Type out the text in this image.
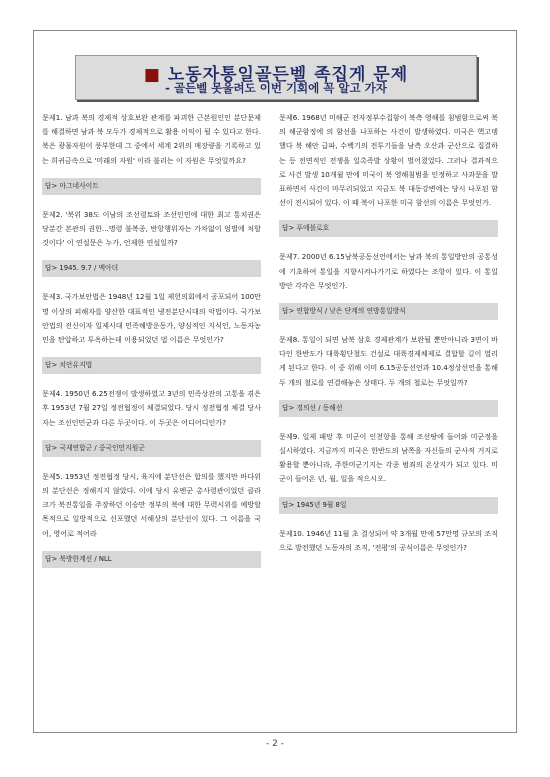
■ 노동자통일골든벨 족집게 문제
- 골든벨 못울려도 이번 기회에 꼭 알고 가자

문제1. 남과 북의 경제적 상호보완 관계를 파괴한 근본원인인 분단문제를 해결하면 남과 북 모두가 경제적으로 활용 이익이 될 수 있다고 한다. 북은 광물자원이 풍부한데 그 중에서 세계 2위의 매장량을 기록하고 있는 희귀금속으로 '미래의 자원' 이라 불리는 이 자원은 무엇일까요?

답> 마그네사이트

문제2. '북위 38도 이남의 조선령토와 조선인민에 대한 최고 통치권은 당분간 본관의 권한...명령 불복종, 반항행위자는 가차없이 엄벌에 처할 것이다' 이 연설문은 누가, 언제한 연설일까?

답> 1945. 9.7 / 맥아더

문제3. 국가보안법은 1948년 12월 1일 제헌의회에서 공포되어 100만명 이상의 피해자를 양산한 대표적인 냉전분단시대의 악법이다. 국가보안법의 전신이자 일제시대 민족해방운동가, 양심적인 지식인, 노동자농민을 탄압하고 투옥하는데 이용되었던 법 이름은 무엇인가?

답> 치안유지법

문제4. 1950년 6.25전쟁이 발생하였고 3년의 민족상잔의 고통을 겪은 후 1953년 7월 27일 정전협정이 체결되었다. 당시 정전협정 체결 당사자는 조선인민군과 다른 두곳이다. 이 두곳은 어디어디인가?

답> 국제연합군 / 중국인민지원군

문제5. 1953년 정전협정 당시, 육지에 분단선은 합의를 했지만 바다위의 분단선은 정해지지 않았다. 이에 당시 유엔군 총사령관이었던 클라크가 북진통일을 주장하던 이승만 정부의 북에 대한 무력시위를 예방할 목적으로 일방적으로 선포했던 서해상의 분단선이 있다. 그 이름을 국어, 영어로 적어라

답> 북방한계선 / NLL

문제6. 1968년 미해군 전자정부수집함이 북측 영해를 침범함으로써 북의 해군함정에 의 함선을 나포하는 사건이 발생하였다. 미국은 핵고뎅했다 북 해안 급파, 수백기의 전투기들을 남측 오산과 군산으로 집결하는 등 전면적인 전쟁을 일촉즉발 상황이 벌어졌었다. 그러나 결과적으로 사건 발생 10개월 만에 미국이 북 영해침범을 인정하고 사과문을 발표하면서 사건이 마무리되었고 지금도 북 대동강변에는 당시 나포된 함선이 전시되어 있다. 이 때 북이 나포한 미국 함선의 이름은 무엇인가.

답> 푸에블로호

문제7. 2000년 6.15남북공동선언에서는 남과 북의 통일방안의 공통성에 기초하여 통일을 지향시켜나가기로 하였다는 조항이 있다. 이 통일방안 각각은 무엇인가.

답> 연합방식 / 낮은 단계의 연방통일방식

문제8. 통일이 되면 남북 삼호 경제관계가 보완될 뿐만아니라 3면이 바다인 한반도가 대륙횡단철도 건설로 대륙경제체제로 결합할 길이 열리게 된다고 한다. 이 중 위해 이미 6.15공동선언과 10.4정상선언을 통해 두 개의 철로를 연결해놓은 상태다. 두 개의 철로는 무엇일까?

답> 경의선 / 동해선

문제9. 일제 패망 후 미군이 인천항을 통해 조선땅에 들어와 미군정을 실시하였다. 지금까지 미국은 한반도의 남쪽을 자신들의 군사적 거지로 활용할 뿐아니라, 주한미군기지는 각종 범죄의 온상지가 되고 있다. 미군이 들어온 년, 월, 일을 적으시오.

답> 1945년 9월 8일

문제10. 1946년 11월 초 결성되어 약 3개월 만에 57만명 규모의 조직으로 발전했던 노동자의 조직, '전평'의 공식이름은 무엇인가?

- 2 -
